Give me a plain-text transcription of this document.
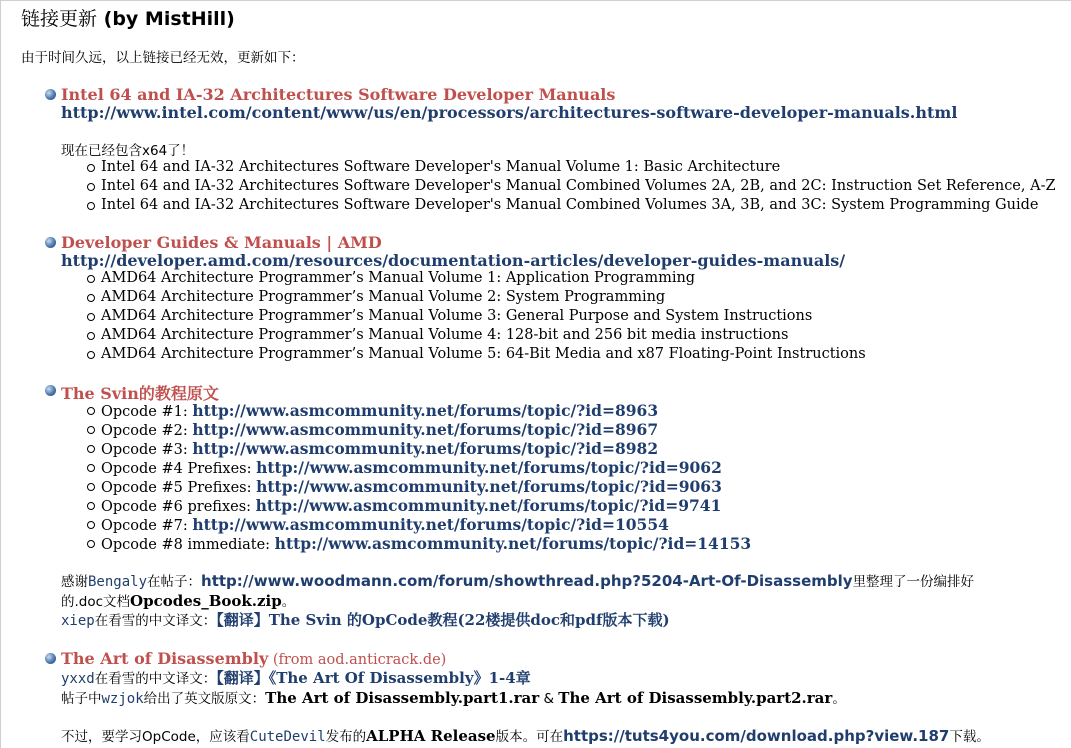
链接更新 (by MistHill)
由于时间久远，以上链接已经无效，更新如下：
Intel 64 and IA-32 Architectures Software Developer Manuals
http://www.intel.com/content/www/us/en/processors/architectures-software-developer-manuals.html
现在已经包含x64了！
Intel 64 and IA-32 Architectures Software Developer's Manual Volume 1: Basic Architecture
Intel 64 and IA-32 Architectures Software Developer's Manual Combined Volumes 2A, 2B, and 2C: Instruction Set Reference, A-Z
Intel 64 and IA-32 Architectures Software Developer's Manual Combined Volumes 3A, 3B, and 3C: System Programming Guide
Developer Guides & Manuals | AMD
http://developer.amd.com/resources/documentation-articles/developer-guides-manuals/
AMD64 Architecture Programmer’s Manual Volume 1: Application Programming
AMD64 Architecture Programmer’s Manual Volume 2: System Programming
AMD64 Architecture Programmer’s Manual Volume 3: General Purpose and System Instructions
AMD64 Architecture Programmer’s Manual Volume 4: 128-bit and 256 bit media instructions
AMD64 Architecture Programmer’s Manual Volume 5: 64-Bit Media and x87 Floating-Point Instructions
The Svin的教程原文
Opcode #1: http://www.asmcommunity.net/forums/topic/?id=8963
Opcode #2: http://www.asmcommunity.net/forums/topic/?id=8967
Opcode #3: http://www.asmcommunity.net/forums/topic/?id=8982
Opcode #4 Prefixes: http://www.asmcommunity.net/forums/topic/?id=9062
Opcode #5 Prefixes: http://www.asmcommunity.net/forums/topic/?id=9063
Opcode #6 prefixes: http://www.asmcommunity.net/forums/topic/?id=9741
Opcode #7: http://www.asmcommunity.net/forums/topic/?id=10554
Opcode #8 immediate: http://www.asmcommunity.net/forums/topic/?id=14153
感谢Bengaly在帖子：http://www.woodmann.com/forum/showthread.php?5204-Art-Of-Disassembly里整理了一份编排好
的.doc文档Opcodes_Book.zip。
xiep在看雪的中文译文：【翻译】The Svin 的OpCode教程(22楼提供doc和pdf版本下载)
The Art of Disassembly (from aod.anticrack.de)
yxxd在看雪的中文译文：【翻译】《The Art Of Disassembly》1-4章
帖子中wzjok给出了英文版原文：The Art of Disassembly.part1.rar & The Art of Disassembly.part2.rar。
不过，要学习OpCode，应该看CuteDevil发布的ALPHA Release版本。可在https://tuts4you.com/download.php?view.187下载。
